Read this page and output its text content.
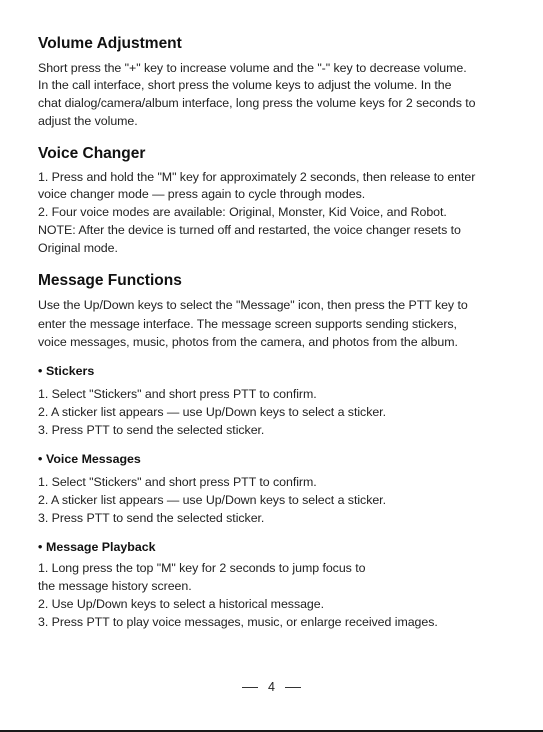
Volume Adjustment
Short press the "+" key to increase volume and the "-" key to decrease volume.
In the call interface, short press the volume keys to adjust the volume. In the
chat dialog/camera/album interface, long press the volume keys for 2 seconds to
adjust the volume.
Voice Changer
1. Press and hold the "M" key for approximately 2 seconds, then release to enter
voice changer mode — press again to cycle through modes.
2. Four voice modes are available: Original, Monster, Kid Voice, and Robot.
NOTE: After the device is turned off and restarted, the voice changer resets to
Original mode.
Message Functions
Use the Up/Down keys to select the "Message" icon, then press the PTT key to
enter the message interface. The message screen supports sending stickers,
voice messages, music, photos from the camera, and photos from the album.
• Stickers
1. Select "Stickers" and short press PTT to confirm.
2. A sticker list appears — use Up/Down keys to select a sticker.
3. Press PTT to send the selected sticker.
• Voice Messages
1. Select "Stickers" and short press PTT to confirm.
2. A sticker list appears — use Up/Down keys to select a sticker.
3. Press PTT to send the selected sticker.
• Message Playback
1. Long press the top "M" key for 2 seconds to jump focus to
the message history screen.
2. Use Up/Down keys to select a historical message.
3. Press PTT to play voice messages, music, or enlarge received images.
4
